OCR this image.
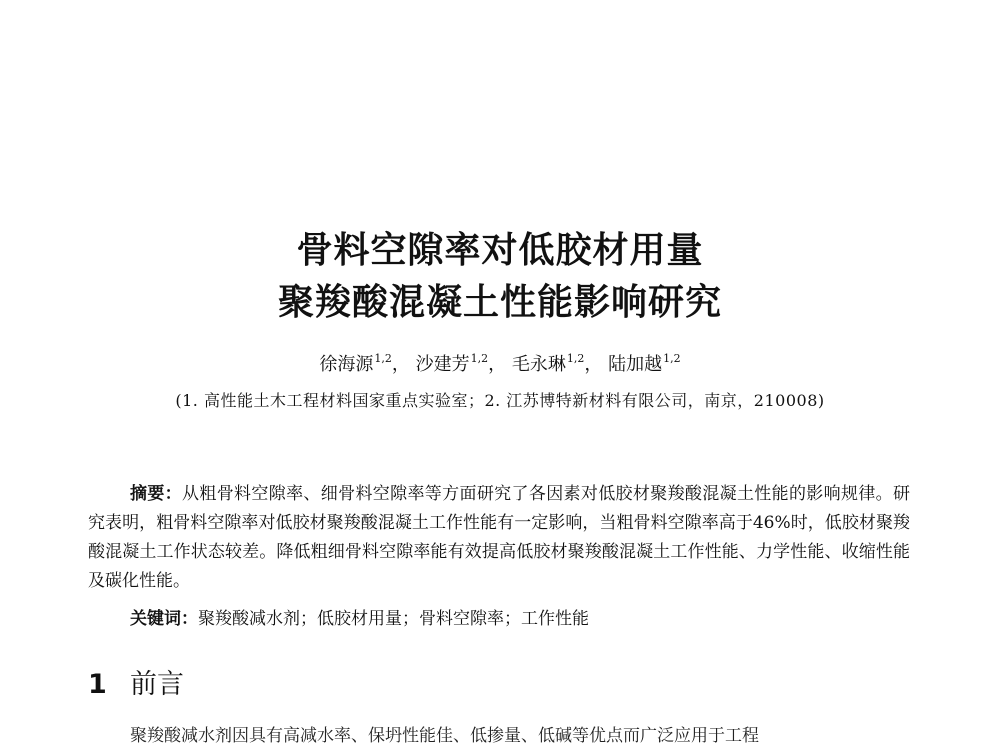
骨料空隙率对低胶材用量
聚羧酸混凝土性能影响研究
徐海源$^{1,2}$， 沙建芳$^{1,2}$， 毛永琳$^{1,2}$， 陆加越$^{1,2}$
(1. 高性能土木工程材料国家重点实验室；2. 江苏博特新材料有限公司，南京，210008)
摘要：从粗骨料空隙率、细骨料空隙率等方面研究了各因素对低胶材聚羧酸混凝土性能的影响规律。研究表明，粗骨料空隙率对低胶材聚羧酸混凝土工作性能有一定影响，当粗骨料空隙率高于46%时，低胶材聚羧酸混凝土工作状态较差。降低粗细骨料空隙率能有效提高低胶材聚羧酸混凝土工作性能、力学性能、收缩性能及碳化性能。
关键词：聚羧酸减水剂；低胶材用量；骨料空隙率；工作性能
1 前言
聚羧酸减水剂因具有高减水率、保坍性能佳、低掺量、低碱等优点而广泛应用于工程
